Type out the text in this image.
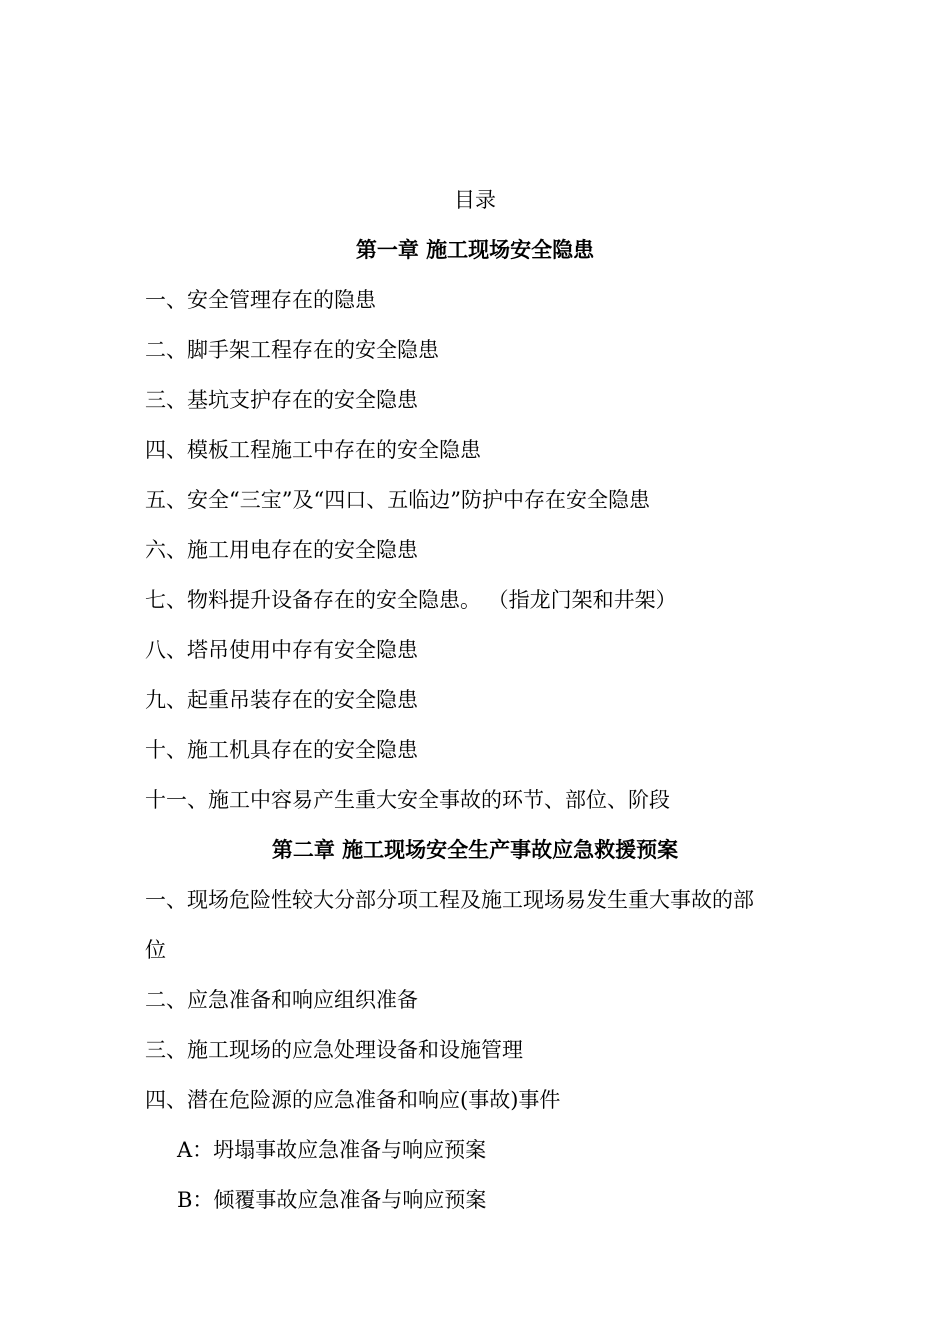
目录
第一章 施工现场安全隐患
一、安全管理存在的隐患
二、脚手架工程存在的安全隐患
三、基坑支护存在的安全隐患
四、模板工程施工中存在的安全隐患
五、安全“三宝”及“四口、五临边”防护中存在安全隐患
六、施工用电存在的安全隐患
七、物料提升设备存在的安全隐患。 （指龙门架和井架）
八、塔吊使用中存有安全隐患
九、起重吊装存在的安全隐患
十、施工机具存在的安全隐患
十一、施工中容易产生重大安全事故的环节、部位、阶段
第二章 施工现场安全生产事故应急救援预案
一、现场危险性较大分部分项工程及施工现场易发生重大事故的部
位
二、应急准备和响应组织准备
三、施工现场的应急处理设备和设施管理
四、潜在危险源的应急准备和响应(事故)事件
A：坍塌事故应急准备与响应预案
B：倾覆事故应急准备与响应预案
